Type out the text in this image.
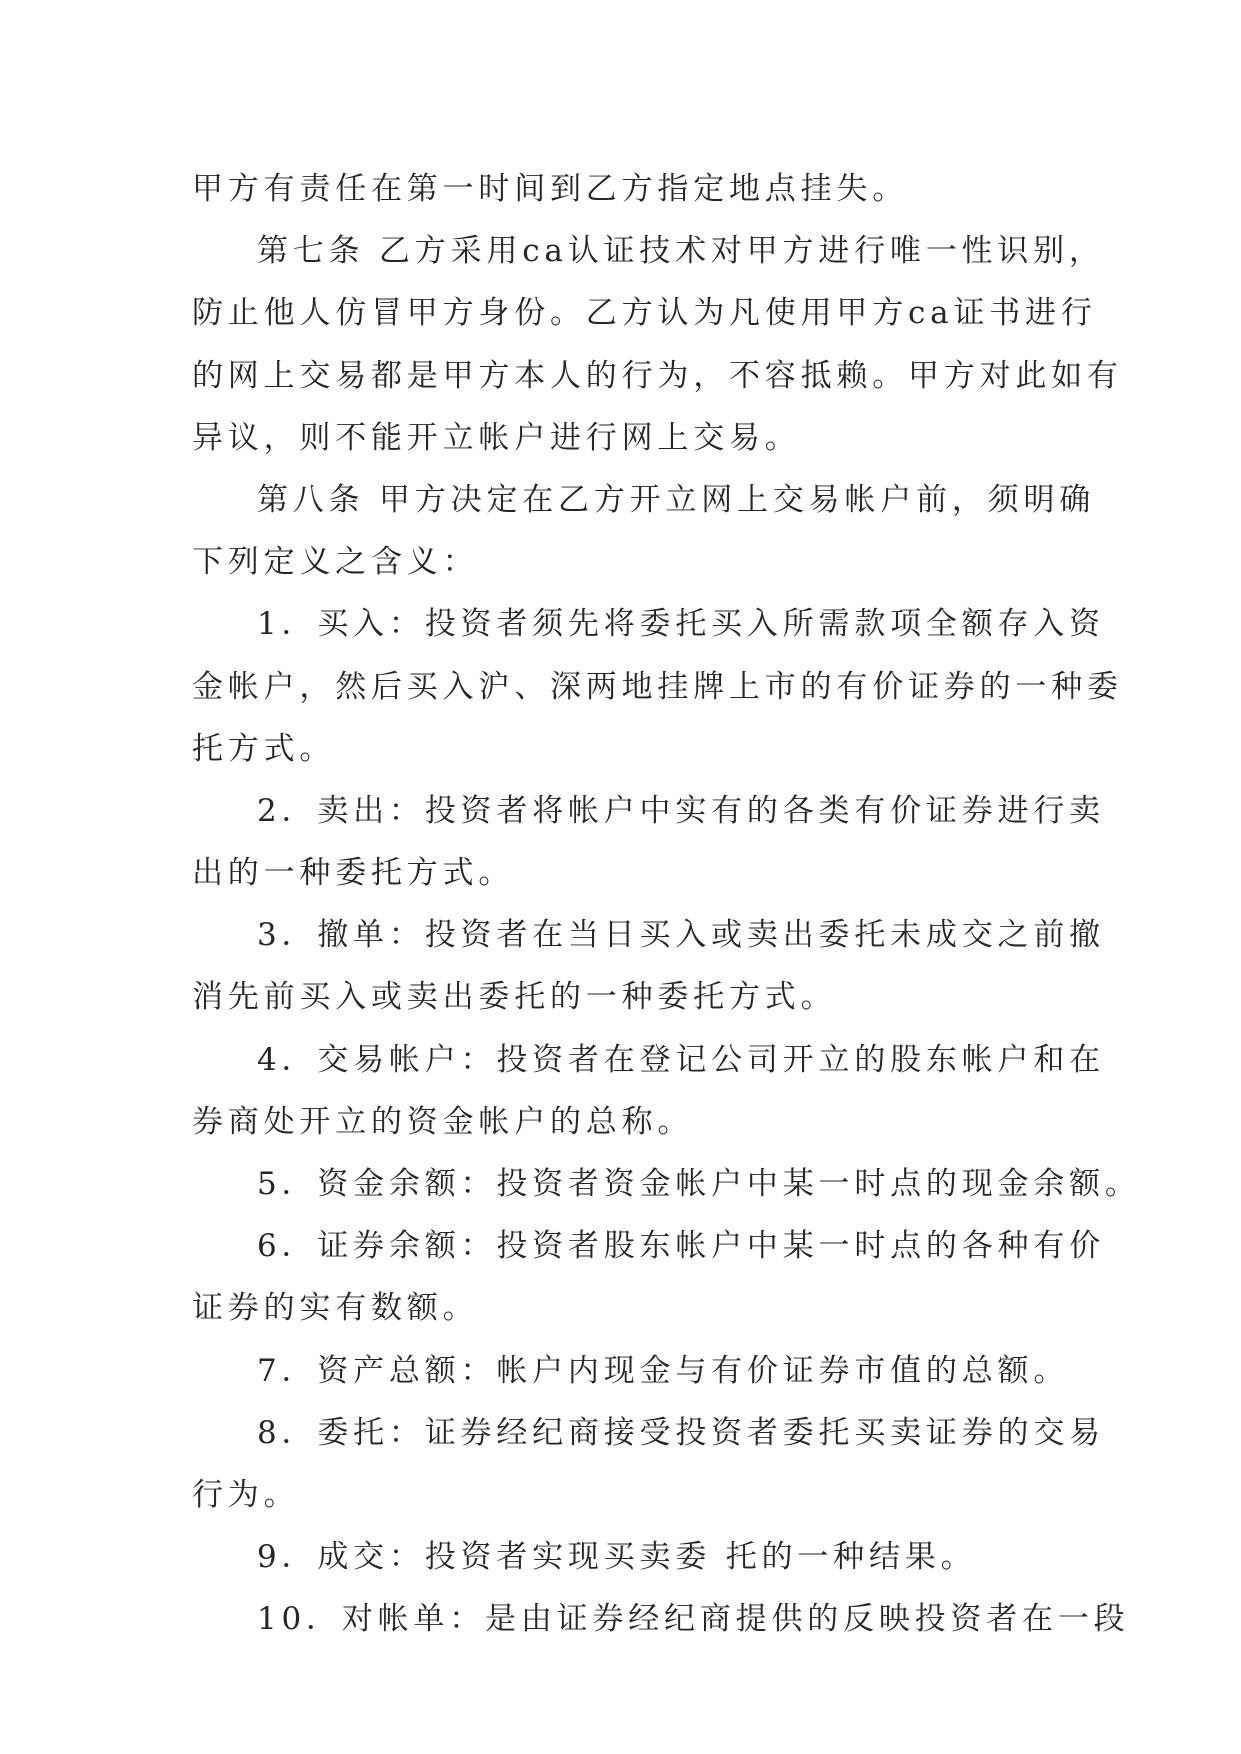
甲方有责任在第一时间到乙方指定地点挂失。
第七条 乙方采用ca认证技术对甲方进行唯一性识别，
防止他人仿冒甲方身份。乙方认为凡使用甲方ca证书进行
的网上交易都是甲方本人的行为，不容抵赖。甲方对此如有
异议，则不能开立帐户进行网上交易。
第八条 甲方决定在乙方开立网上交易帐户前，须明确
下列定义之含义：
1．买入：投资者须先将委托买入所需款项全额存入资
金帐户，然后买入沪、深两地挂牌上市的有价证券的一种委
托方式。
2．卖出：投资者将帐户中实有的各类有价证券进行卖
出的一种委托方式。
3．撤单：投资者在当日买入或卖出委托未成交之前撤
消先前买入或卖出委托的一种委托方式。
4．交易帐户：投资者在登记公司开立的股东帐户和在
券商处开立的资金帐户的总称。
5．资金余额：投资者资金帐户中某一时点的现金余额。
6．证券余额：投资者股东帐户中某一时点的各种有价
证券的实有数额。
7．资产总额：帐户内现金与有价证券市值的总额。
8．委托：证券经纪商接受投资者委托买卖证券的交易
行为。
9．成交：投资者实现买卖委 托的一种结果。
10．对帐单：是由证券经纪商提供的反映投资者在一段
